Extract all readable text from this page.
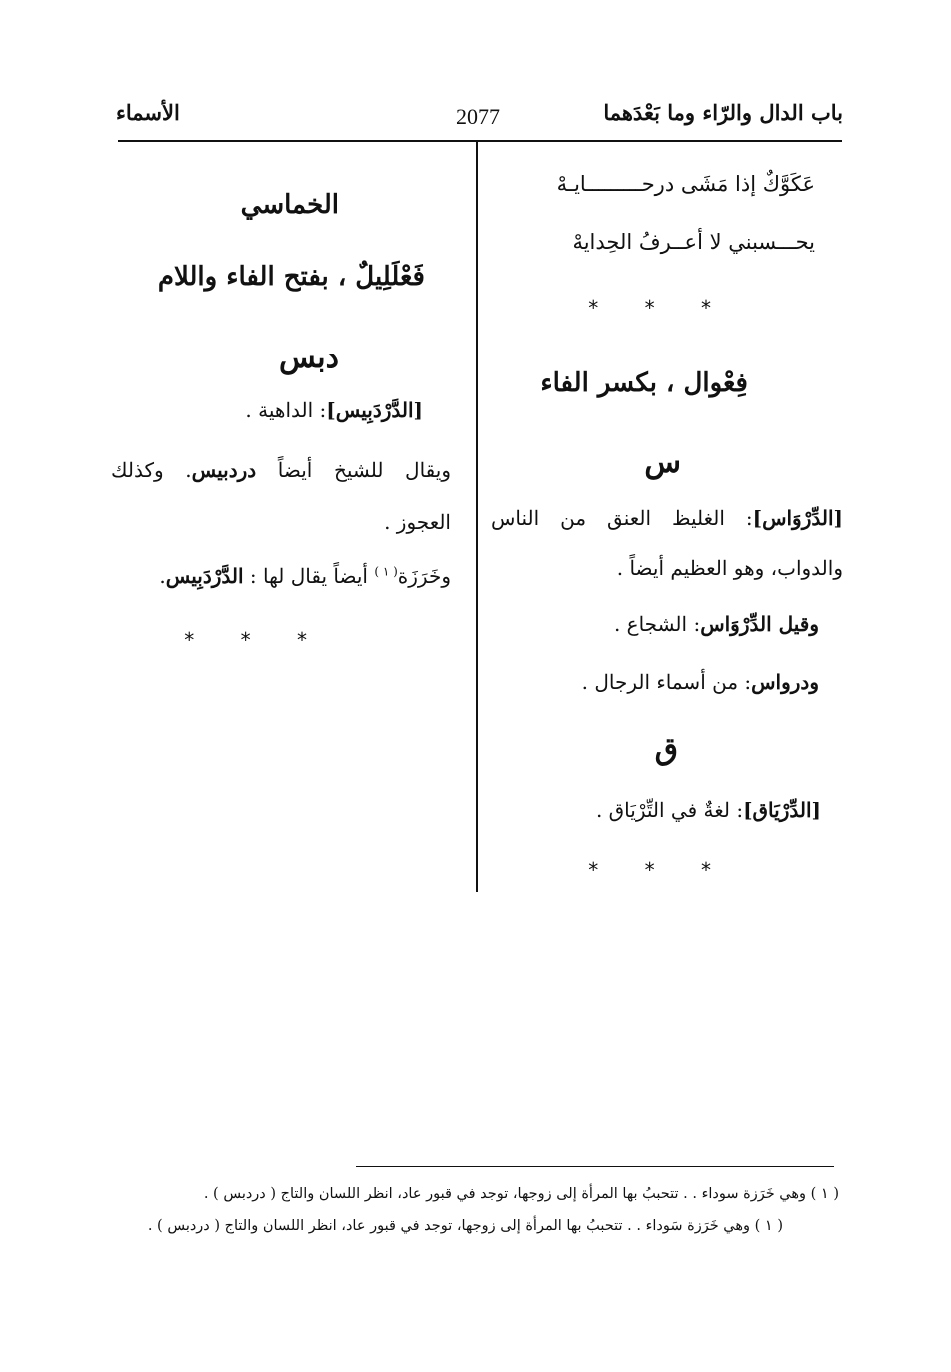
باب الدال والرّاء وما بَعْدَهما
2077
الأسماء
عَكَوَّكٌ إذا مَشَى درحـــــــــايـهْ
يحـــسبني لا أعــرفُ الحِدايهْ
* * *
فِعْوال ، بكسر الفاء
س
[الدِّرْوَاس]: الغليظ العنق من الناس
والدواب، وهو العظيم أيضاً .
وقيل الدِّرْوَاس: الشجاع .
ودرواس: من أسماء الرجال .
ق
[الدِّرْيَاق]: لغةٌ في التِّرْيَاق .
* * *
الخماسي
فَعْلَلِيلٌ ، بفتح الفاء واللام
دبس
[الدَّرْدَبِيس]: الداهية .
ويقال للشيخ أيضاً دردبيس. وكذلك
العجوز .
وخَرَزَة$^{( ١ )}$ أيضاً يقال لها : الدَّرْدَبِيس.
* * *
( ١ ) وهي خَرَزة سوداء . . تتحببُ بها المرأة إلى زوجها، توجد في قبور عاد، انظر اللسان والتاج ( دردبس ) .
( ١ ) وهي خَرَزة سَوداء . . تتحببُ بها المرأة إلى زوجها، توجد في قبور عاد، انظر اللسان والتاج ( دردبس ) .
